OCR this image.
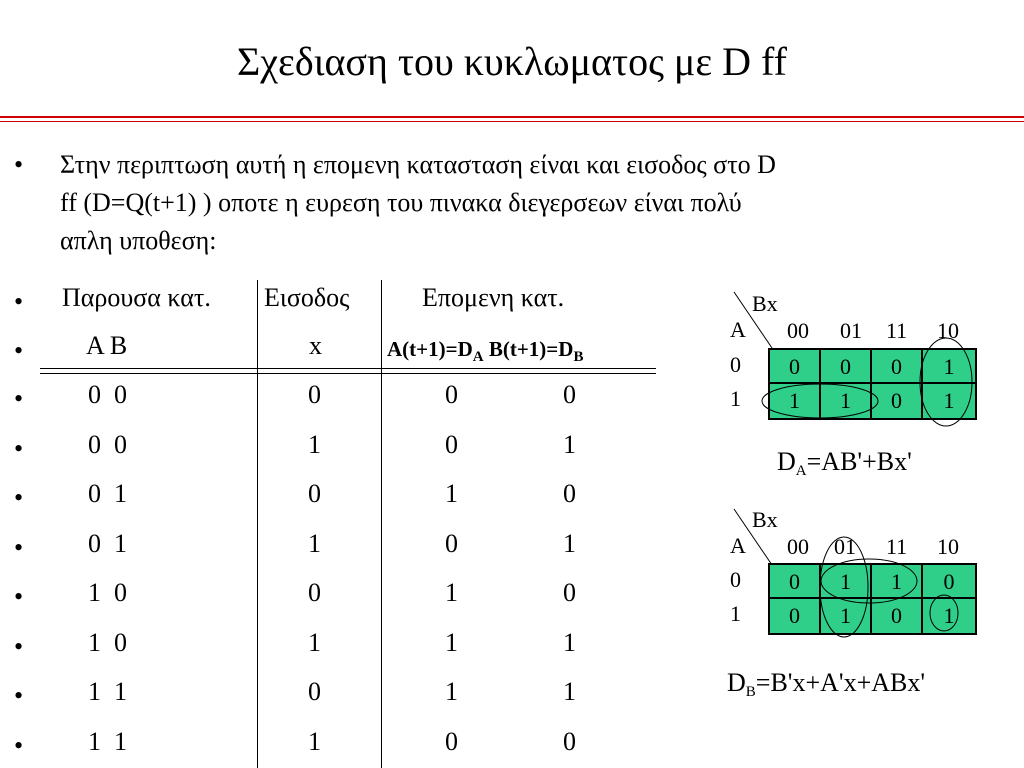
Σχεδιαση του κυκλωματος με D ff
• Στην περιπτωση αυτή η επομενη κατασταση είναι και εισοδος στο D
ff (D=Q(t+1) ) οποτε η ευρεση του πινακα διεγερσεων είναι πολύ
απλη υποθεση:
• Παρουσα κατ. Εισοδος	Επομενη κατ.
• A B	x	$A(t+1)=D_A$ $B(t+1)=D_B$
• 0  0	0	0	0
• 0  0	1	0	1
• 0  1	0	1	0
• 0  1	1	0	1
• 1  0	0	1	0
• 1  0	1	1	1
• 1  1	0	1	1
• 1  1	1	0	0
Bx
A 00 01 11 10
0
1
0	0	0	1
1	1	0	1
$D_A=AB'+Bx'$
Bx
A 00 01 11 10
0
1
0	1	1	0
0	1	0	1
$D_B=B'x+A'x+ABx'$
